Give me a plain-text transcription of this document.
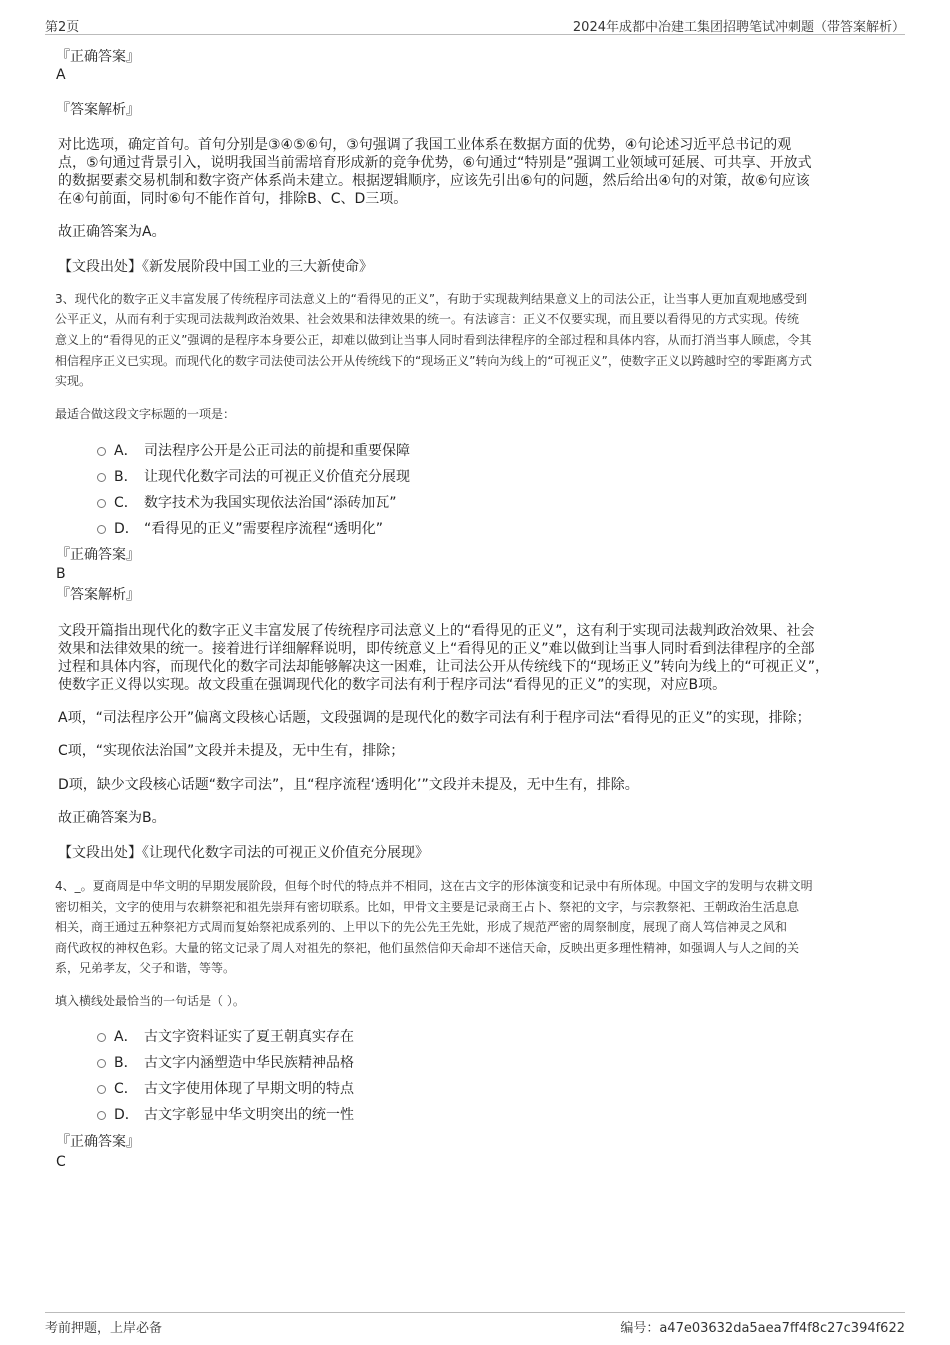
第2页	2024年成都中冶建工集团招聘笔试冲刺题（带答案解析）
『正确答案』
A
『答案解析』
对比选项，确定首句。首句分别是③④⑤⑥句，③句强调了我国工业体系在数据方面的优势，④句论述习近平总书记的观
点，⑤句通过背景引入，说明我国当前需培育形成新的竞争优势，⑥句通过“特别是”强调工业领域可延展、可共享、开放式
的数据要素交易机制和数字资产体系尚未建立。根据逻辑顺序，应该先引出⑥句的问题，然后给出④句的对策，故⑥句应该
在④句前面，同时⑥句不能作首句，排除B、C、D三项。
故正确答案为A。
【文段出处】《新发展阶段中国工业的三大新使命》
3、现代化的数字正义丰富发展了传统程序司法意义上的“看得见的正义”，有助于实现裁判结果意义上的司法公正，让当事人更加直观地感受到
公平正义，从而有利于实现司法裁判政治效果、社会效果和法律效果的统一。有法谚言：正义不仅要实现，而且要以看得见的方式实现。传统
意义上的“看得见的正义”强调的是程序本身要公正，却难以做到让当事人同时看到法律程序的全部过程和具体内容，从而打消当事人顾虑，令其
相信程序正义已实现。而现代化的数字司法使司法公开从传统线下的“现场正义”转向为线上的“可视正义”，使数字正义以跨越时空的零距离方式
实现。
最适合做这段文字标题的一项是：
A． 司法程序公开是公正司法的前提和重要保障
B． 让现代化数字司法的可视正义价值充分展现
C． 数字技术为我国实现依法治国“添砖加瓦”
D． “看得见的正义”需要程序流程“透明化”
『正确答案』
B
『答案解析』
文段开篇指出现代化的数字正义丰富发展了传统程序司法意义上的“看得见的正义”，这有利于实现司法裁判政治效果、社会
效果和法律效果的统一。接着进行详细解释说明，即传统意义上“看得见的正义”难以做到让当事人同时看到法律程序的全部
过程和具体内容，而现代化的数字司法却能够解决这一困难，让司法公开从传统线下的“现场正义”转向为线上的“可视正义”，
使数字正义得以实现。故文段重在强调现代化的数字司法有利于程序司法“看得见的正义”的实现，对应B项。
A项，“司法程序公开”偏离文段核心话题，文段强调的是现代化的数字司法有利于程序司法“看得见的正义”的实现，排除；
C项，“实现依法治国”文段并未提及，无中生有，排除；
D项，缺少文段核心话题“数字司法”，且“程序流程‘透明化’”文段并未提及，无中生有，排除。
故正确答案为B。
【文段出处】《让现代化数字司法的可视正义价值充分展现》
4、_。夏商周是中华文明的早期发展阶段，但每个时代的特点并不相同，这在古文字的形体演变和记录中有所体现。中国文字的发明与农耕文明
密切相关，文字的使用与农耕祭祀和祖先崇拜有密切联系。比如，甲骨文主要是记录商王占卜、祭祀的文字，与宗教祭祀、王朝政治生活息息
相关，商王通过五种祭祀方式周而复始祭祀成系列的、上甲以下的先公先王先妣，形成了规范严密的周祭制度，展现了商人笃信神灵之风和
商代政权的神权色彩。大量的铭文记录了周人对祖先的祭祀，他们虽然信仰天命却不迷信天命，反映出更多理性精神，如强调人与人之间的关
系，兄弟孝友，父子和谐，等等。
填入横线处最恰当的一句话是（ ）。
A． 古文字资料证实了夏王朝真实存在
B． 古文字内涵塑造中华民族精神品格
C． 古文字使用体现了早期文明的特点
D． 古文字彰显中华文明突出的统一性
『正确答案』
C
考前押题，上岸必备	编号：a47e03632da5aea7ff4f8c27c394f622
